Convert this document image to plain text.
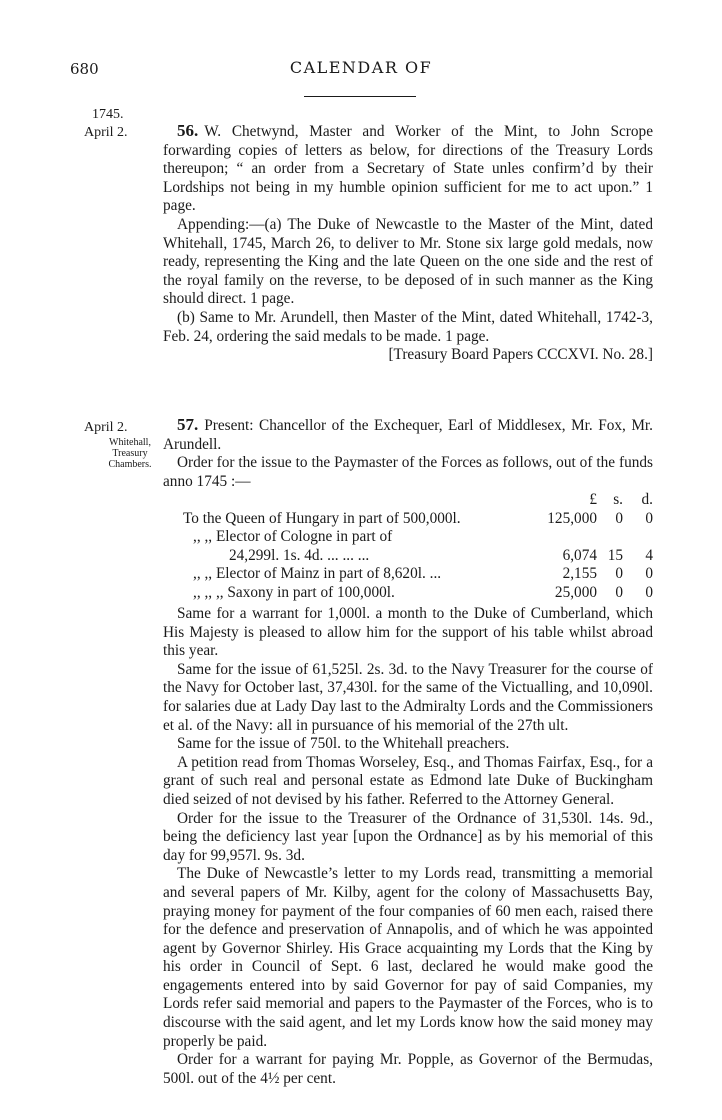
680	CALENDAR OF
1745.
April 2.	56. W. Chetwynd, Master and Worker of the Mint, to John Scrope forwarding copies of letters as below, for directions of the Treasury Lords thereupon; “ an order from a Secretary of State unles confirm’d by their Lordships not being in my humble opinion sufficient for me to act upon.” 1 page.

Appending:—(a) The Duke of Newcastle to the Master of the Mint, dated Whitehall, 1745, March 26, to deliver to Mr. Stone six large gold medals, now ready, representing the King and the late Queen on the one side and the rest of the royal family on the reverse, to be deposed of in such manner as the King should direct. 1 page.

(b) Same to Mr. Arundell, then Master of the Mint, dated Whitehall, 1742-3, Feb. 24, ordering the said medals to be made. 1 page.

[Treasury Board Papers CCCXVI. No. 28.]

April 2.
Whitehall,
Treasury
Chambers.

57. Present: Chancellor of the Exchequer, Earl of Middlesex, Mr. Fox, Mr. Arundell.

Order for the issue to the Paymaster of the Forces as follows, out of the funds anno 1745 :—

£	s.	d.
To the Queen of Hungary in part of 500,000l.	125,000	0	0
,, ,, Elector of Cologne in part of
24,299l. 1s. 4d. ... ... ...	6,074 15	4
,, ,, Elector of Mainz in part of 8,620l. ...	2,155	0	0
,, ,, ,, Saxony in part of 100,000l.	25,000	0	0

Same for a warrant for 1,000l. a month to the Duke of Cumberland, which His Majesty is pleased to allow him for the support of his table whilst abroad this year.

Same for the issue of 61,525l. 2s. 3d. to the Navy Treasurer for the course of the Navy for October last, 37,430l. for the same of the Victualling, and 10,090l. for salaries due at Lady Day last to the Admiralty Lords and the Commissioners et al. of the Navy: all in pursuance of his memorial of the 27th ult.

Same for the issue of 750l. to the Whitehall preachers.

A petition read from Thomas Worseley, Esq., and Thomas Fairfax, Esq., for a grant of such real and personal estate as Edmond late Duke of Buckingham died seized of not devised by his father. Referred to the Attorney General.

Order for the issue to the Treasurer of the Ordnance of 31,530l. 14s. 9d., being the deficiency last year [upon the Ordnance] as by his memorial of this day for 99,957l. 9s. 3d.

The Duke of Newcastle’s letter to my Lords read, transmitting a memorial and several papers of Mr. Kilby, agent for the colony of Massachusetts Bay, praying money for payment of the four companies of 60 men each, raised there for the defence and preservation of Annapolis, and of which he was appointed agent by Governor Shirley. His Grace acquainting my Lords that the King by his order in Council of Sept. 6 last, declared he would make good the engagements entered into by said Governor for pay of said Companies, my Lords refer said memorial and papers to the Paymaster of the Forces, who is to discourse with the said agent, and let my Lords know how the said money may properly be paid.

Order for a warrant for paying Mr. Popple, as Governor of the Bermudas, 500l. out of the 4½ per cent.
